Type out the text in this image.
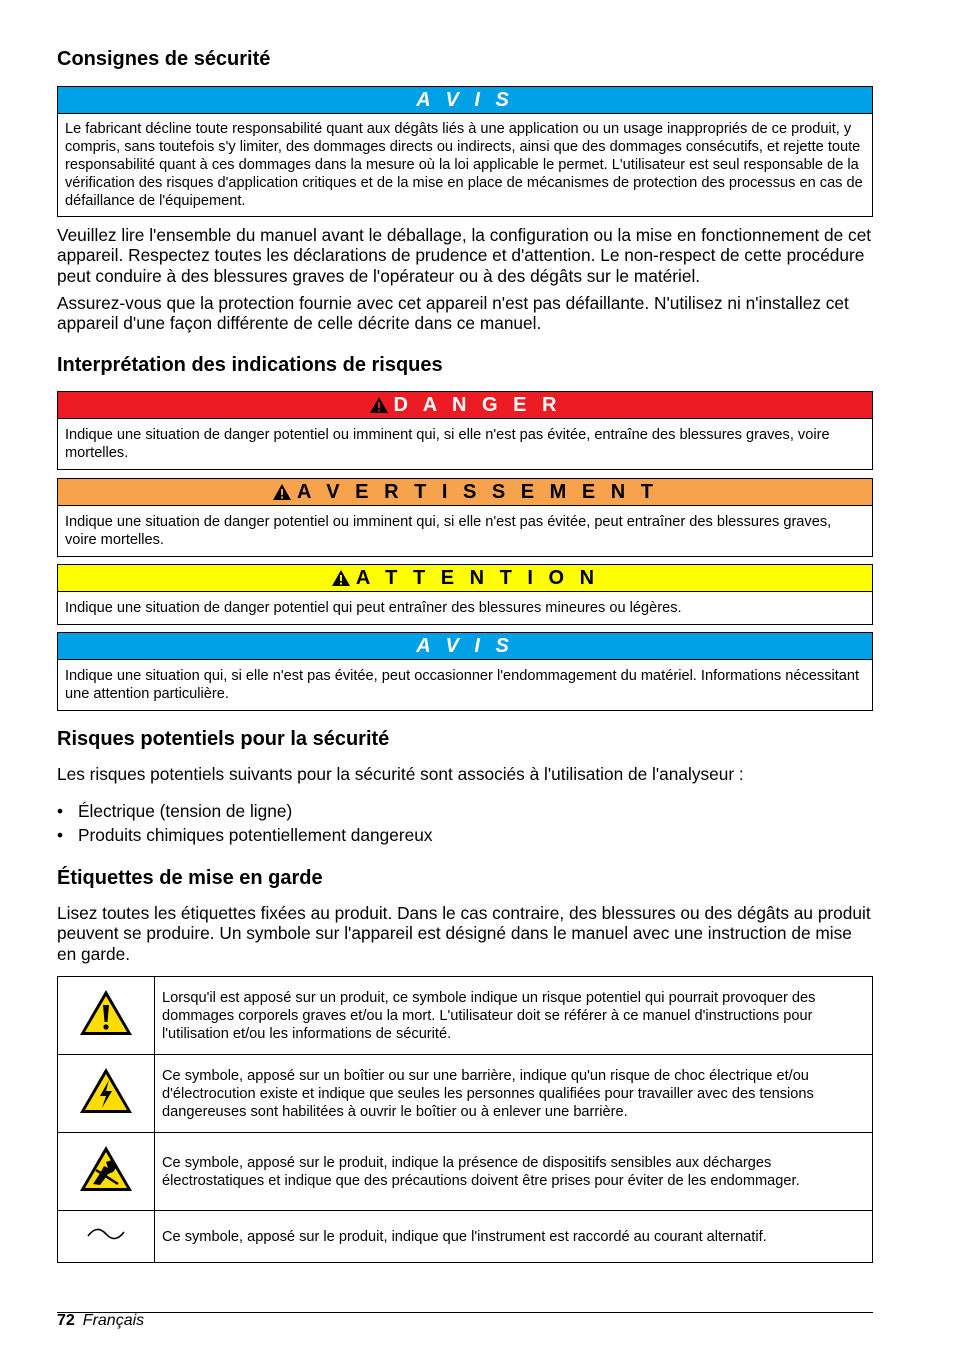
Consignes de sécurité
A V I S
Le fabricant décline toute responsabilité quant aux dégâts liés à une application ou un usage inappropriés de ce produit, y compris, sans toutefois s'y limiter, des dommages directs ou indirects, ainsi que des dommages consécutifs, et rejette toute responsabilité quant à ces dommages dans la mesure où la loi applicable le permet. L'utilisateur est seul responsable de la vérification des risques d'application critiques et de la mise en place de mécanismes de protection des processus en cas de défaillance de l'équipement.

Veuillez lire l'ensemble du manuel avant le déballage, la configuration ou la mise en fonctionnement de cet appareil. Respectez toutes les déclarations de prudence et d'attention. Le non-respect de cette procédure peut conduire à des blessures graves de l'opérateur ou à des dégâts sur le matériel.

Assurez-vous que la protection fournie avec cet appareil n'est pas défaillante. N'utilisez ni n'installez cet appareil d'une façon différente de celle décrite dans ce manuel.

Interprétation des indications de risques
D A N G E R
Indique une situation de danger potentiel ou imminent qui, si elle n'est pas évitée, entraîne des blessures graves, voire mortelles.
A V E R T I S S E M E N T
Indique une situation de danger potentiel ou imminent qui, si elle n'est pas évitée, peut entraîner des blessures graves, voire mortelles.
A T T E N T I O N
Indique une situation de danger potentiel qui peut entraîner des blessures mineures ou légères.
A V I S
Indique une situation qui, si elle n'est pas évitée, peut occasionner l'endommagement du matériel. Informations nécessitant une attention particulière.
Risques potentiels pour la sécurité

Les risques potentiels suivants pour la sécurité sont associés à l'utilisation de l'analyseur :

• Électrique (tension de ligne)
• Produits chimiques potentiellement dangereux
Étiquettes de mise en garde

Lisez toutes les étiquettes fixées au produit. Dans le cas contraire, des blessures ou des dégâts au produit peuvent se produire. Un symbole sur l'appareil est désigné dans le manuel avec une instruction de mise en garde.

	Lorsqu'il est apposé sur un produit, ce symbole indique un risque potentiel qui pourrait provoquer des dommages corporels graves et/ou la mort. L'utilisateur doit se référer à ce manuel d'instructions pour l'utilisation et/ou les informations de sécurité.
	Ce symbole, apposé sur un boîtier ou sur une barrière, indique qu'un risque de choc électrique et/ou d'électrocution existe et indique que seules les personnes qualifiées pour travailler avec des tensions dangereuses sont habilitées à ouvrir le boîtier ou à enlever une barrière.
	Ce symbole, apposé sur le produit, indique la présence de dispositifs sensibles aux décharges électrostatiques et indique que des précautions doivent être prises pour éviter de les endommager.
	Ce symbole, apposé sur le produit, indique que l'instrument est raccordé au courant alternatif.
72 Français
